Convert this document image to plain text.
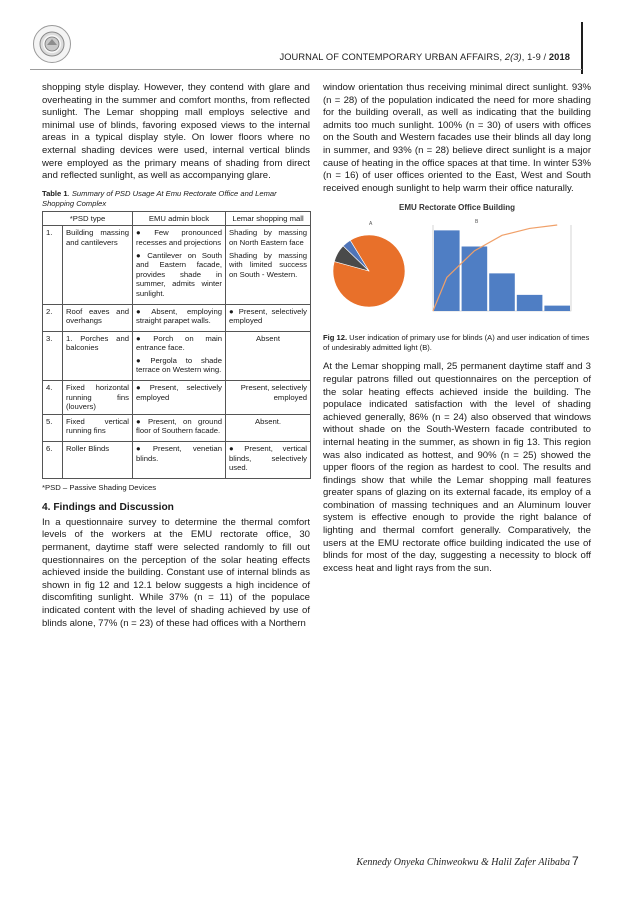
JOURNAL OF CONTEMPORARY URBAN AFFAIRS, 2(3), 1-9 / 2018

shopping style display. However, they contend with glare and overheating in the summer and comfort months, from reflected sunlight. The Lemar shopping mall employs selective and minimal use of blinds, favoring exposed views to the internal areas in a typical display style. On lower floors where no external shading devices were used, internal vertical blinds were employed as the primary means of shading from direct and reflected sunlight, as well as accompanying glare.

Table 1. Summary of PSD Usage At Emu Rectorate Office and Lemar Shopping Complex

*PSD type		EMU admin block	Lemar shopping mall
1.	Building massing and cantilevers	● Few pronounced recesses and projections
● Cantilever on South and Eastern facade, provides shade in summer, admits winter sunlight.	Shading by massing on North Eastern face
Shading by massing with limited success on South - Western.

2.	Roof eaves and overhangs	● Absent, employing straight parapet walls.	● Present, selectively employed

3.	1. Porches and balconies	● Porch on main entrance face.
● Pergola to shade terrace on Western wing.	Absent
4.	Fixed horizontal running fins (louvers)	● Present, selectively employed	Present, selectively employed
5.	Fixed vertical running fins	● Present, on ground floor of Southern facade.	Absent.
6.	Roller Blinds	● Present, venetian blinds.	● Present, vertical blinds, selectively used.

*PSD – Passive Shading Devices

4. Findings and Discussion

In a questionnaire survey to determine the thermal comfort levels of the workers at the EMU rectorate office, 30 permanent, daytime staff were selected randomly to fill out questionnaires on the perception of the solar heating effects achieved inside the building. Constant use of internal blinds as shown in fig 12 and 12.1 below suggests a high incidence of discomfiting sunlight. While 37% (n = 11) of the populace indicated content with the level of shading achieved by use of blinds alone, 77% (n = 23) of these had offices with a Northern

window orientation thus receiving minimal direct sunlight. 93% (n = 28) of the population indicated the need for more shading for the building overall, as well as indicating that the building admits too much sunlight. 100% (n = 30) of users with offices on the South and Western facades use their blinds all day long in summer, and 93% (n = 28) believe direct sunlight is a major cause of heating in the office spaces at that time. In winter 53% (n = 16) of user offices oriented to the East, West and South received enough sunlight to help warm their office naturally.

EMU Rectorate Office Building
A	B

Fig 12. User indication of primary use for blinds (A) and user indication of times of undesirably admitted light (B).

At the Lemar shopping mall, 25 permanent daytime staff and 3 regular patrons filled out questionnaires on the perception of the solar heating effects achieved inside the building. The populace indicated satisfaction with the level of shading achieved generally, 86% (n = 24) also observed that windows without shade on the South-Western facade contributed to internal heating in the summer, as shown in fig 13. This region was also indicated as hottest, and 90% (n = 25) showed the upper floors of the region as hardest to cool. The results and findings show that while the Lemar shopping mall features greater spans of glazing on its external facade, its employ of a combination of massing techniques and an Aluminum louver system is effective enough to provide the right balance of lighting and thermal comfort generally. Comparatively, the users at the EMU rectorate office building indicated the use of blinds for most of the day, suggesting a necessity to block off excess heat and light rays from the sun.

Kennedy Onyeka Chinweokwu & Halil Zafer Alibaba 7
